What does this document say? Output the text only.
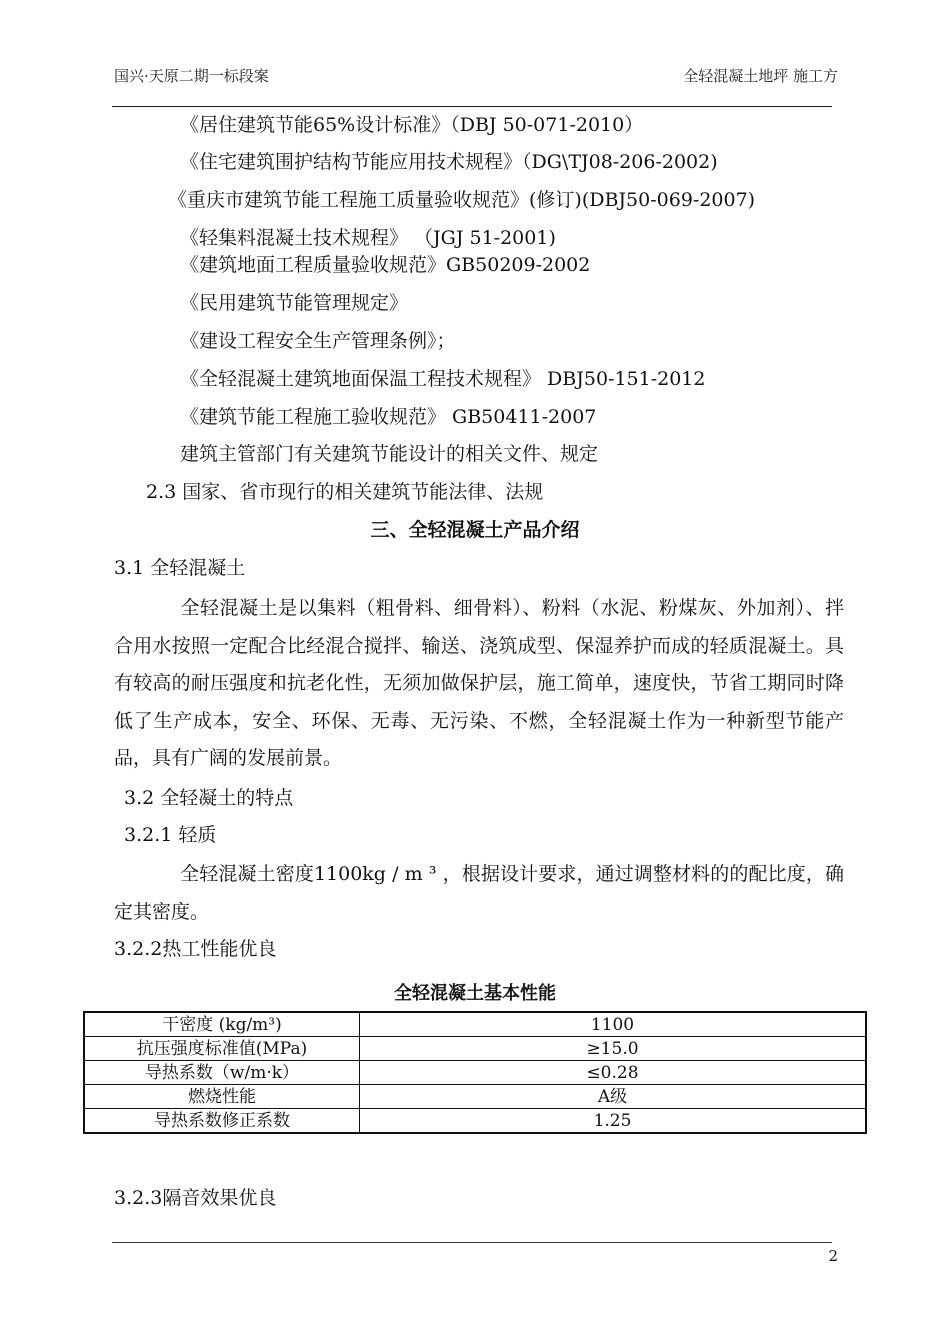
国兴·天原二期一标段案	全轻混凝土地坪 施工方
《居住建筑节能65%设计标准》（DBJ 50-071-2010）
《住宅建筑围护结构节能应用技术规程》（DG\TJ08-206-2002)
《重庆市建筑节能工程施工质量验收规范》(修订)(DBJ50-069-2007)
《轻集料混凝土技术规程》 （JGJ 51-2001)
《建筑地面工程质量验收规范》GB50209-2002
《民用建筑节能管理规定》
《建设工程安全生产管理条例》；
《全轻混凝土建筑地面保温工程技术规程》 DBJ50-151-2012
《建筑节能工程施工验收规范》 GB50411-2007
建筑主管部门有关建筑节能设计的相关文件、规定
2.3 国家、省市现行的相关建筑节能法律、法规
三、全轻混凝土产品介绍
3.1 全轻混凝土
全轻混凝土是以集料（粗骨料、细骨料）、粉料（水泥、粉煤灰、外加剂）、拌合用水按照一定配合比经混合搅拌、输送、浇筑成型、保湿养护而成的轻质混凝土。具有较高的耐压强度和抗老化性，无须加做保护层，施工简单，速度快，节省工期同时降低了生产成本，安全、环保、无毒、无污染、不燃，全轻混凝土作为一种新型节能产品，具有广阔的发展前景。
3.2 全轻凝土的特点
3.2.1 轻质
全轻混凝土密度1100kg / m ³ ，根据设计要求，通过调整材料的的配比度，确定其密度。
3.2.2热工性能优良
全轻混凝土基本性能
干密度 (kg/m³)	1100
抗压强度标准值(MPa)	≥15.0
导热系数（w/m·k）	≤0.28
燃烧性能	A级
导热系数修正系数	1.25
3.2.3隔音效果优良
2
